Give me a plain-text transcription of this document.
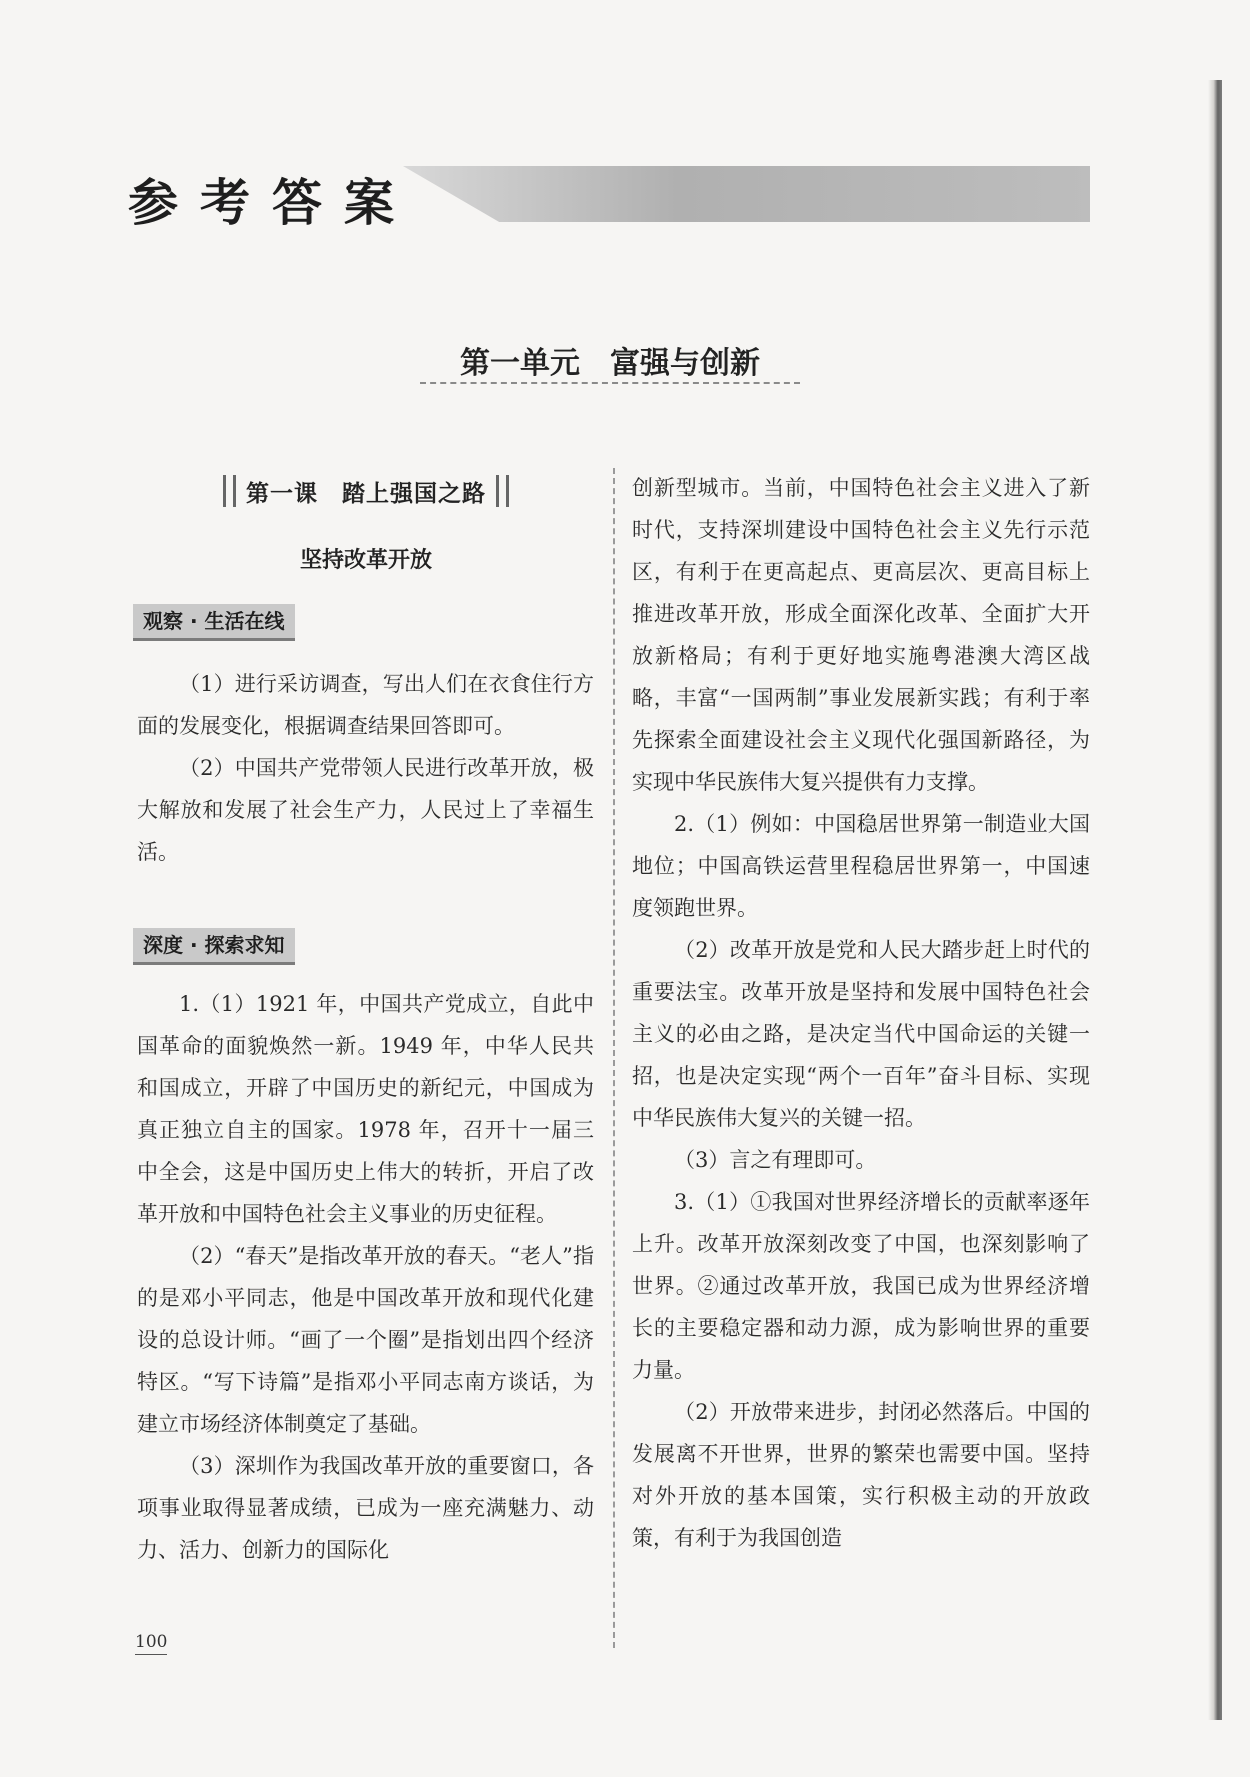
参考答案
第一单元　富强与创新
第一课　踏上强国之路
坚持改革开放
观察 · 生活在线
深度 · 探索求知

（1）进行采访调查，写出人们在衣食住行方面的发展变化，根据调查结果回答即可。

（2）中国共产党带领人民进行改革开放，极大解放和发展了社会生产力，人民过上了幸福生活。

1.（1）1921 年，中国共产党成立，自此中国革命的面貌焕然一新。1949 年，中华人民共和国成立，开辟了中国历史的新纪元，中国成为真正独立自主的国家。1978 年，召开十一届三中全会，这是中国历史上伟大的转折，开启了改革开放和中国特色社会主义事业的历史征程。

（2）“春天”是指改革开放的春天。“老人”指的是邓小平同志，他是中国改革开放和现代化建设的总设计师。“画了一个圈”是指划出四个经济特区。“写下诗篇”是指邓小平同志南方谈话，为建立市场经济体制奠定了基础。

（3）深圳作为我国改革开放的重要窗口，各项事业取得显著成绩，已成为一座充满魅力、动力、活力、创新力的国际化

创新型城市。当前，中国特色社会主义进入了新时代，支持深圳建设中国特色社会主义先行示范区，有利于在更高起点、更高层次、更高目标上推进改革开放，形成全面深化改革、全面扩大开放新格局；有利于更好地实施粤港澳大湾区战略，丰富“一国两制”事业发展新实践；有利于率先探索全面建设社会主义现代化强国新路径，为实现中华民族伟大复兴提供有力支撑。

2.（1）例如：中国稳居世界第一制造业大国地位；中国高铁运营里程稳居世界第一，中国速度领跑世界。

（2）改革开放是党和人民大踏步赶上时代的重要法宝。改革开放是坚持和发展中国特色社会主义的必由之路，是决定当代中国命运的关键一招，也是决定实现“两个一百年”奋斗目标、实现中华民族伟大复兴的关键一招。

（3）言之有理即可。

3.（1）①我国对世界经济增长的贡献率逐年上升。改革开放深刻改变了中国，也深刻影响了世界。②通过改革开放，我国已成为世界经济增长的主要稳定器和动力源，成为影响世界的重要力量。

（2）开放带来进步，封闭必然落后。中国的发展离不开世界，世界的繁荣也需要中国。坚持对外开放的基本国策，实行积极主动的开放政策，有利于为我国创造

100
